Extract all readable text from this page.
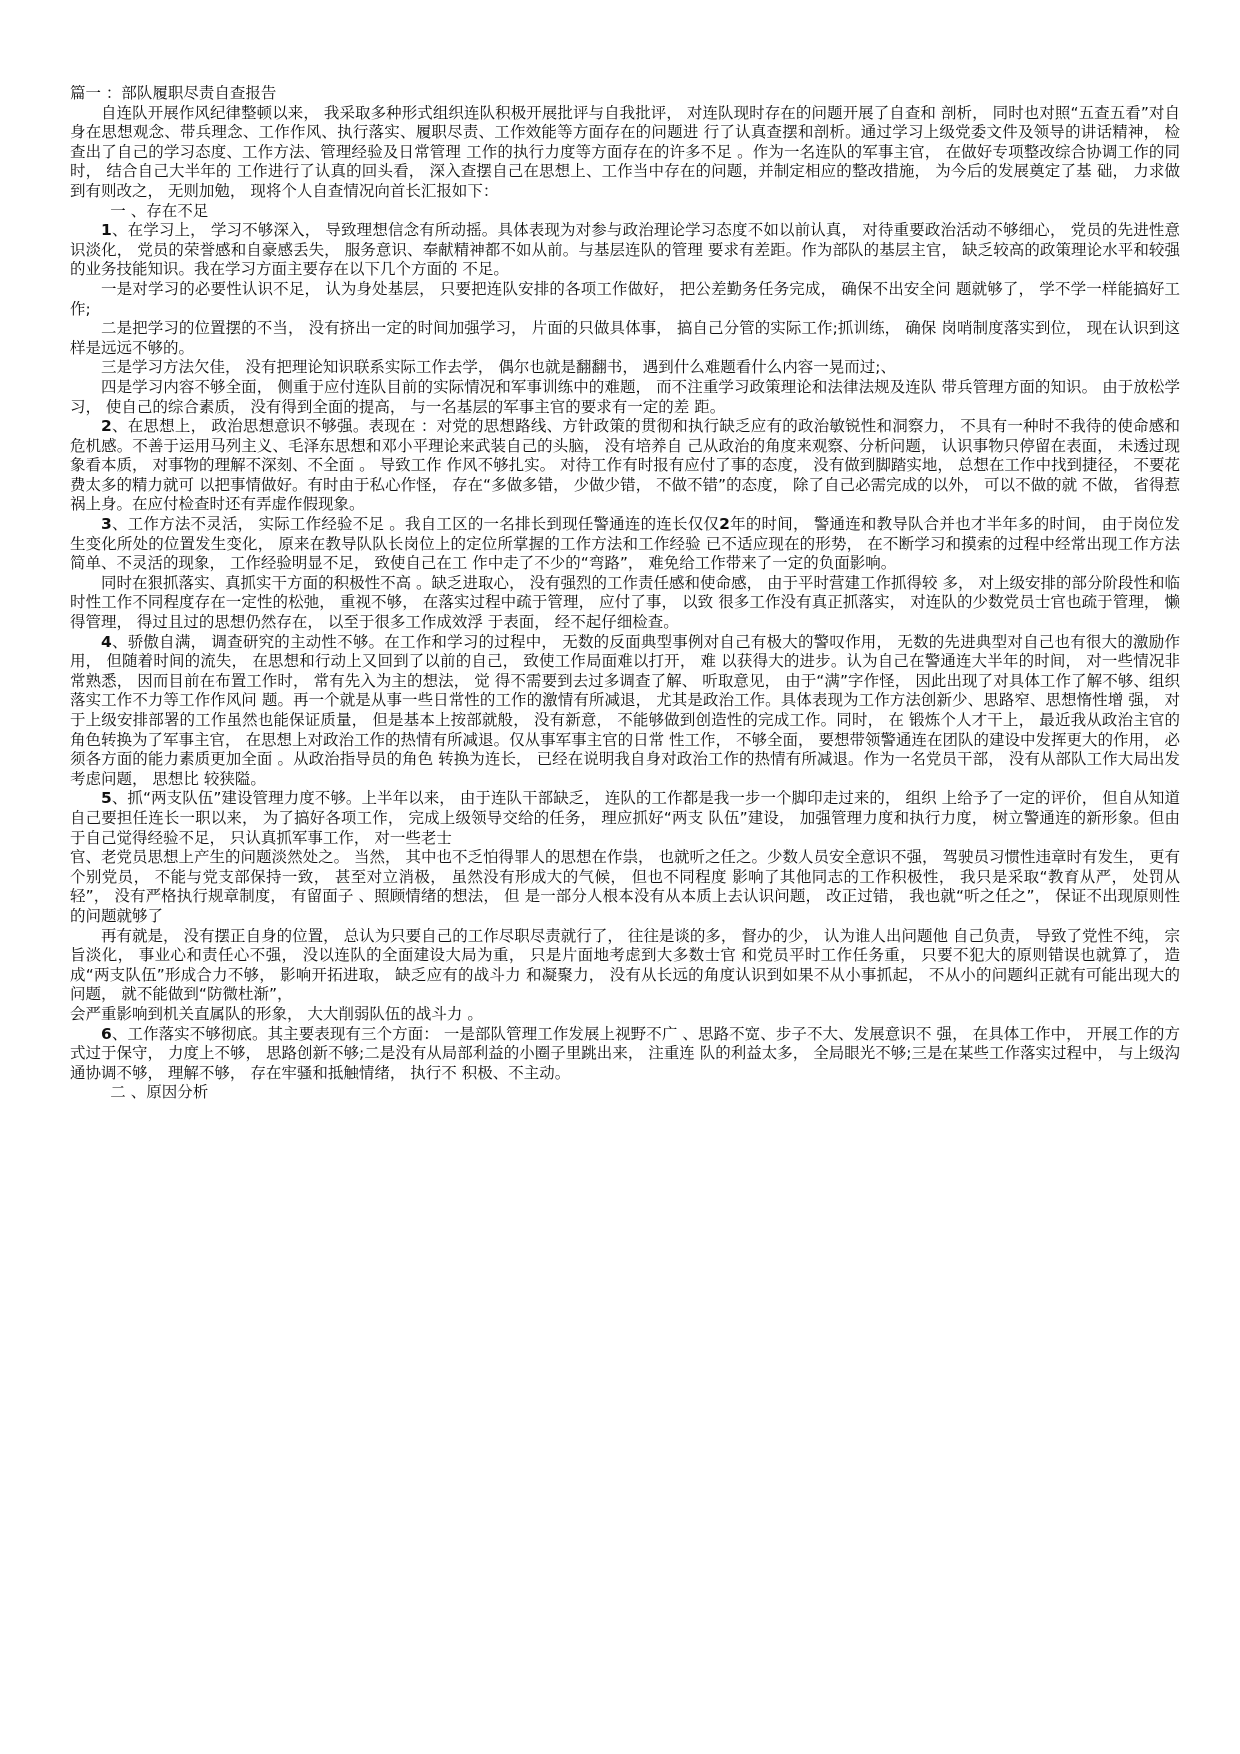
篇一 ：部队履职尽责自查报告

自连队开展作风纪律整顿以来， 我采取多种形式组织连队积极开展批评与自我批评， 对连队现时存在的问题开展了自查和 剖析， 同时也对照“五查五看”对自身在思想观念、带兵理念、工作作风、执行落实、履职尽责、工作效能等方面存在的问题进 行了认真查摆和剖析。通过学习上级党委文件及领导的讲话精神， 检查出了自己的学习态度、工作方法、管理经验及日常管理 工作的执行力度等方面存在的许多不足 。作为一名连队的军事主官， 在做好专项整改综合协调工作的同时， 结合自己大半年的 工作进行了认真的回头看， 深入查摆自己在思想上、工作当中存在的问题，并制定相应的整改措施， 为今后的发展奠定了基 础， 力求做到有则改之， 无则加勉， 现将个人自查情况向首长汇报如下：

一 、存在不足

1、在学习上， 学习不够深入， 导致理想信念有所动摇。具体表现为对参与政治理论学习态度不如以前认真， 对待重要政治活动不够细心， 党员的先进性意识淡化， 党员的荣誉感和自豪感丢失， 服务意识、奉献精神都不如从前。与基层连队的管理 要求有差距。作为部队的基层主官， 缺乏较高的政策理论水平和较强的业务技能知识。我在学习方面主要存在以下几个方面的 不足。

一是对学习的必要性认识不足， 认为身处基层， 只要把连队安排的各项工作做好， 把公差勤务任务完成， 确保不出安全问 题就够了， 学不学一样能搞好工作;

二是把学习的位置摆的不当， 没有挤出一定的时间加强学习， 片面的只做具体事， 搞自己分管的实际工作;抓训练， 确保 岗哨制度落实到位， 现在认识到这样是远远不够的。

三是学习方法欠佳， 没有把理论知识联系实际工作去学， 偶尔也就是翻翻书， 遇到什么难题看什么内容一晃而过;、

四是学习内容不够全面， 侧重于应付连队目前的实际情况和军事训练中的难题， 而不注重学习政策理论和法律法规及连队 带兵管理方面的知识。 由于放松学习， 使自己的综合素质， 没有得到全面的提高， 与一名基层的军事主官的要求有一定的差 距。

2、在思想上， 政治思想意识不够强。表现在 ：对党的思想路线、方针政策的贯彻和执行缺乏应有的政治敏锐性和洞察力， 不具有一种时不我待的使命感和危机感。不善于运用马列主义、毛泽东思想和邓小平理论来武装自己的头脑， 没有培养自 己从政治的角度来观察、分析问题， 认识事物只停留在表面， 未透过现象看本质， 对事物的理解不深刻、不全面 。 导致工作 作风不够扎实。 对待工作有时报有应付了事的态度， 没有做到脚踏实地， 总想在工作中找到捷径， 不要花费太多的精力就可 以把事情做好。有时由于私心作怪， 存在“多做多错， 少做少错， 不做不错”的态度， 除了自己必需完成的以外， 可以不做的就 不做， 省得惹祸上身。在应付检查时还有弄虚作假现象。

3、工作方法不灵活， 实际工作经验不足 。我自工区的一名排长到现任警通连的连长仅仅2年的时间， 警通连和教导队合并也才半年多的时间， 由于岗位发生变化所处的位置发生变化， 原来在教导队队长岗位上的定位所掌握的工作方法和工作经验 已不适应现在的形势， 在不断学习和摸索的过程中经常出现工作方法简单、不灵活的现象， 工作经验明显不足， 致使自己在工 作中走了不少的“弯路”， 难免给工作带来了一定的负面影响。

同时在狠抓落实、真抓实干方面的积极性不高 。缺乏进取心， 没有强烈的工作责任感和使命感， 由于平时营建工作抓得较 多， 对上级安排的部分阶段性和临时性工作不同程度存在一定性的松弛， 重视不够， 在落实过程中疏于管理， 应付了事， 以致 很多工作没有真正抓落实， 对连队的少数党员士官也疏于管理， 懒得管理， 得过且过的思想仍然存在， 以至于很多工作成效浮 于表面， 经不起仔细检查。

4、骄傲自满， 调查研究的主动性不够。在工作和学习的过程中， 无数的反面典型事例对自己有极大的警叹作用， 无数的先进典型对自己也有很大的激励作用， 但随着时间的流失， 在思想和行动上又回到了以前的自己， 致使工作局面难以打开， 难 以获得大的进步。认为自己在警通连大半年的时间， 对一些情况非常熟悉， 因而目前在布置工作时， 常有先入为主的想法， 觉 得不需要到去过多调查了解、 听取意见， 由于“满”字作怪， 因此出现了对具体工作了解不够、组织落实工作不力等工作作风问 题。再一个就是从事一些日常性的工作的激情有所减退， 尤其是政治工作。具体表现为工作方法创新少、思路窄、思想惰性增 强， 对于上级安排部署的工作虽然也能保证质量， 但是基本上按部就般， 没有新意， 不能够做到创造性的完成工作。同时， 在 锻炼个人才干上， 最近我从政治主官的角色转换为了军事主官， 在思想上对政治工作的热情有所减退。仅从事军事主官的日常 性工作， 不够全面， 要想带领警通连在团队的建设中发挥更大的作用， 必须各方面的能力素质更加全面 。从政治指导员的角色 转换为连长， 已经在说明我自身对政治工作的热情有所减退。作为一名党员干部， 没有从部队工作大局出发考虑问题， 思想比 较狭隘。

5、抓“两支队伍”建设管理力度不够。上半年以来， 由于连队干部缺乏， 连队的工作都是我一步一个脚印走过来的， 组织 上给予了一定的评价， 但自从知道自己要担任连长一职以来， 为了搞好各项工作， 完成上级领导交给的任务， 理应抓好“两支 队伍”建设， 加强管理力度和执行力度， 树立警通连的新形象。但由于自己觉得经验不足， 只认真抓军事工作， 对一些老士

官、老党员思想上产生的问题淡然处之。 当然， 其中也不乏怕得罪人的思想在作祟， 也就听之任之。少数人员安全意识不强， 驾驶员习惯性违章时有发生， 更有个别党员， 不能与党支部保持一致， 甚至对立消极， 虽然没有形成大的气候， 但也不同程度 影响了其他同志的工作积极性， 我只是采取“教育从严， 处罚从轻”， 没有严格执行规章制度， 有留面子 、照顾情绪的想法， 但 是一部分人根本没有从本质上去认识问题， 改正过错， 我也就“听之任之”， 保证不出现原则性的问题就够了

再有就是， 没有摆正自身的位置， 总认为只要自己的工作尽职尽责就行了， 往往是谈的多， 督办的少， 认为谁人出问题他 自己负责， 导致了党性不纯， 宗旨淡化， 事业心和责任心不强， 没以连队的全面建设大局为重， 只是片面地考虑到大多数士官 和党员平时工作任务重， 只要不犯大的原则错误也就算了， 造成“两支队伍”形成合力不够， 影响开拓进取， 缺乏应有的战斗力 和凝聚力， 没有从长远的角度认识到如果不从小事抓起， 不从小的问题纠正就有可能出现大的问题， 就不能做到“防微杜渐”，

会严重影响到机关直属队的形象， 大大削弱队伍的战斗力 。

6、工作落实不够彻底。其主要表现有三个方面： 一是部队管理工作发展上视野不广 、思路不宽、步子不大、发展意识不 强， 在具体工作中， 开展工作的方式过于保守， 力度上不够， 思路创新不够;二是没有从局部利益的小圈子里跳出来， 注重连 队的利益太多， 全局眼光不够;三是在某些工作落实过程中， 与上级沟通协调不够， 理解不够， 存在牢骚和抵触情绪， 执行不 积极、不主动。

二 、原因分析
